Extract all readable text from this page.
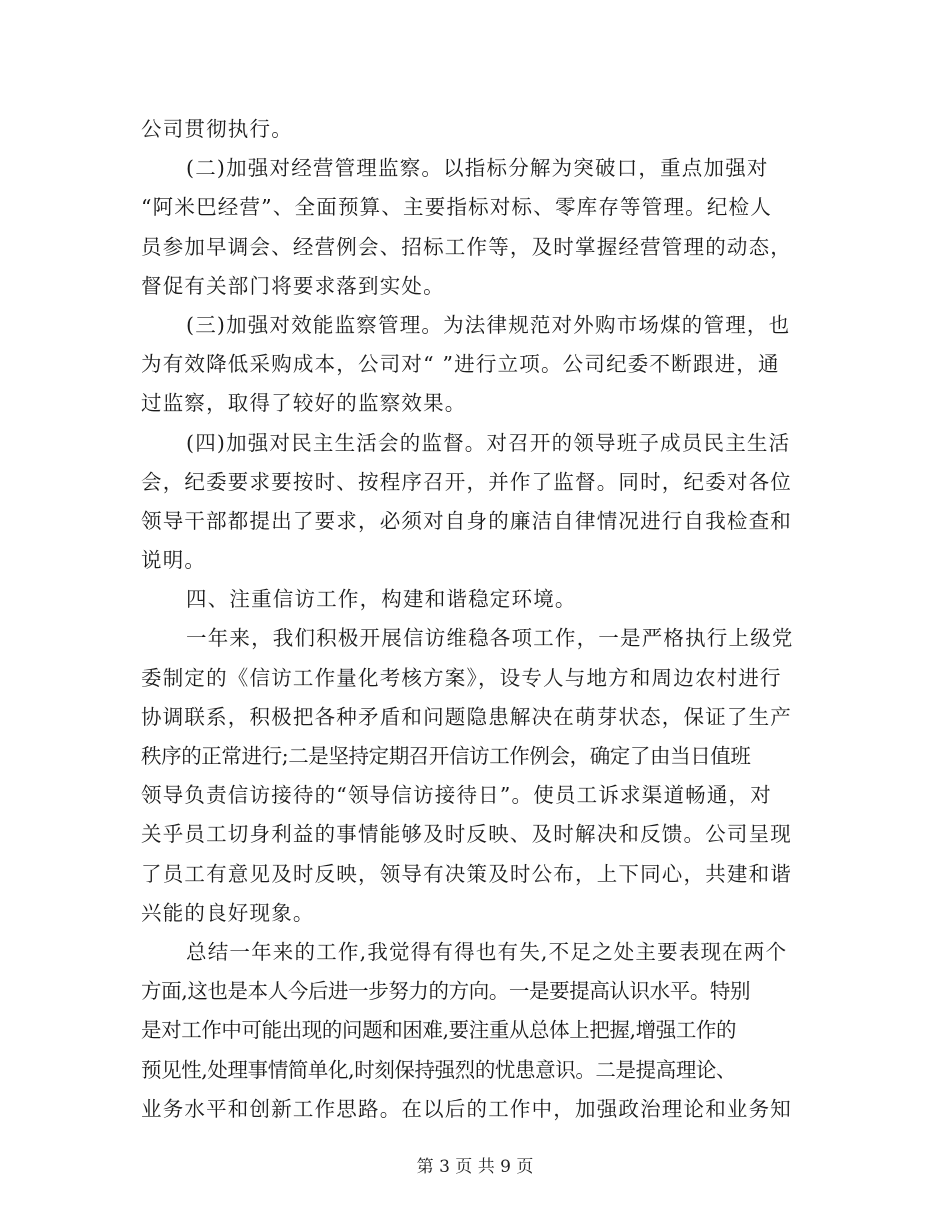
公司贯彻执行。
(二)加强对经营管理监察。以指标分解为突破口，重点加强对
“阿米巴经营”、全面预算、主要指标对标、零库存等管理。纪检人
员参加早调会、经营例会、招标工作等，及时掌握经营管理的动态，
督促有关部门将要求落到实处。
(三)加强对效能监察管理。为法律规范对外购市场煤的管理，也
为有效降低采购成本，公司对“ ”进行立项。公司纪委不断跟进，通
过监察，取得了较好的监察效果。
(四)加强对民主生活会的监督。对召开的领导班子成员民主生活
会，纪委要求要按时、按程序召开，并作了监督。同时，纪委对各位
领导干部都提出了要求，必须对自身的廉洁自律情况进行自我检查和
说明。
四、注重信访工作，构建和谐稳定环境。
一年来，我们积极开展信访维稳各项工作，一是严格执行上级党
委制定的《信访工作量化考核方案》，设专人与地方和周边农村进行
协调联系，积极把各种矛盾和问题隐患解决在萌芽状态，保证了生产
秩序的正常进行;二是坚持定期召开信访工作例会，确定了由当日值班
领导负责信访接待的“领导信访接待日”。使员工诉求渠道畅通，对
关乎员工切身利益的事情能够及时反映、及时解决和反馈。公司呈现
了员工有意见及时反映，领导有决策及时公布，上下同心，共建和谐
兴能的良好现象。
总结一年来的工作,我觉得有得也有失,不足之处主要表现在两个
方面,这也是本人今后进一步努力的方向。一是要提高认识水平。特别
是对工作中可能出现的问题和困难,要注重从总体上把握,增强工作的
预见性,处理事情简单化,时刻保持强烈的忧患意识。二是提高理论、
业务水平和创新工作思路。在以后的工作中，加强政治理论和业务知
第 3 页 共 9 页
